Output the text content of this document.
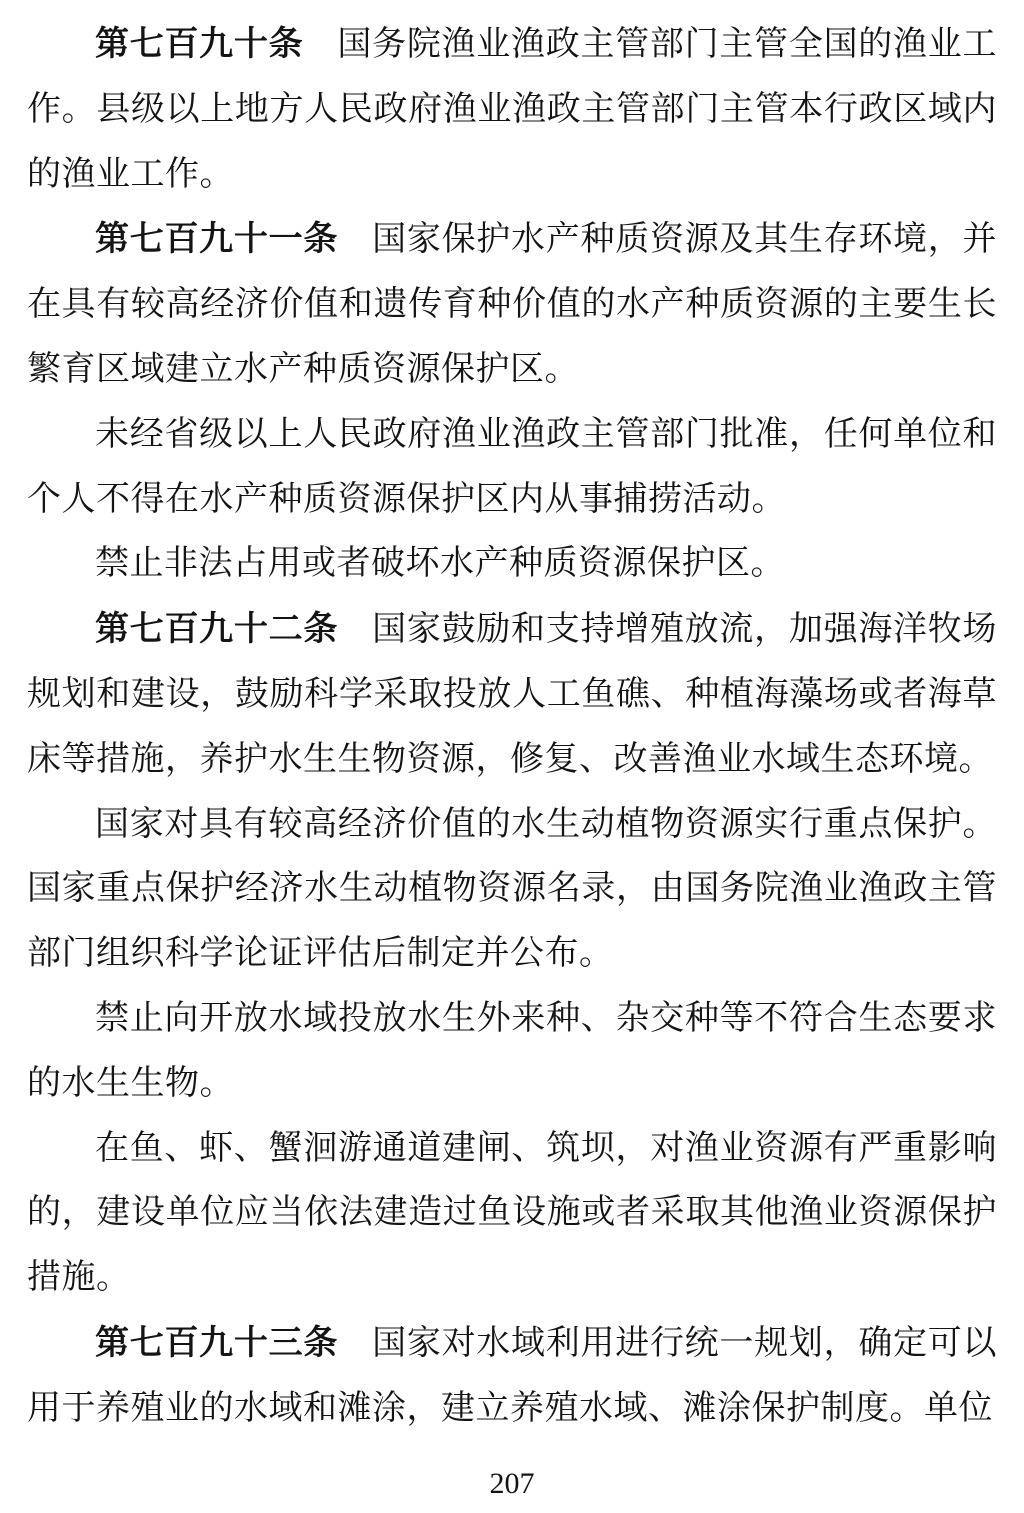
第七百九十条 国务院渔业渔政主管部门主管全国的渔业工作。县级以上地方人民政府渔业渔政主管部门主管本行政区域内的渔业工作。

第七百九十一条 国家保护水产种质资源及其生存环境，并在具有较高经济价值和遗传育种价值的水产种质资源的主要生长繁育区域建立水产种质资源保护区。

未经省级以上人民政府渔业渔政主管部门批准，任何单位和个人不得在水产种质资源保护区内从事捕捞活动。

禁止非法占用或者破坏水产种质资源保护区。

第七百九十二条 国家鼓励和支持增殖放流，加强海洋牧场规划和建设，鼓励科学采取投放人工鱼礁、种植海藻场或者海草床等措施，养护水生生物资源，修复、改善渔业水域生态环境。

国家对具有较高经济价值的水生动植物资源实行重点保护。国家重点保护经济水生动植物资源名录，由国务院渔业渔政主管部门组织科学论证评估后制定并公布。

禁止向开放水域投放水生外来种、杂交种等不符合生态要求的水生生物。

在鱼、虾、蟹洄游通道建闸、筑坝，对渔业资源有严重影响的，建设单位应当依法建造过鱼设施或者采取其他渔业资源保护措施。

第七百九十三条 国家对水域利用进行统一规划，确定可以用于养殖业的水域和滩涂，建立养殖水域、滩涂保护制度。单位

207
